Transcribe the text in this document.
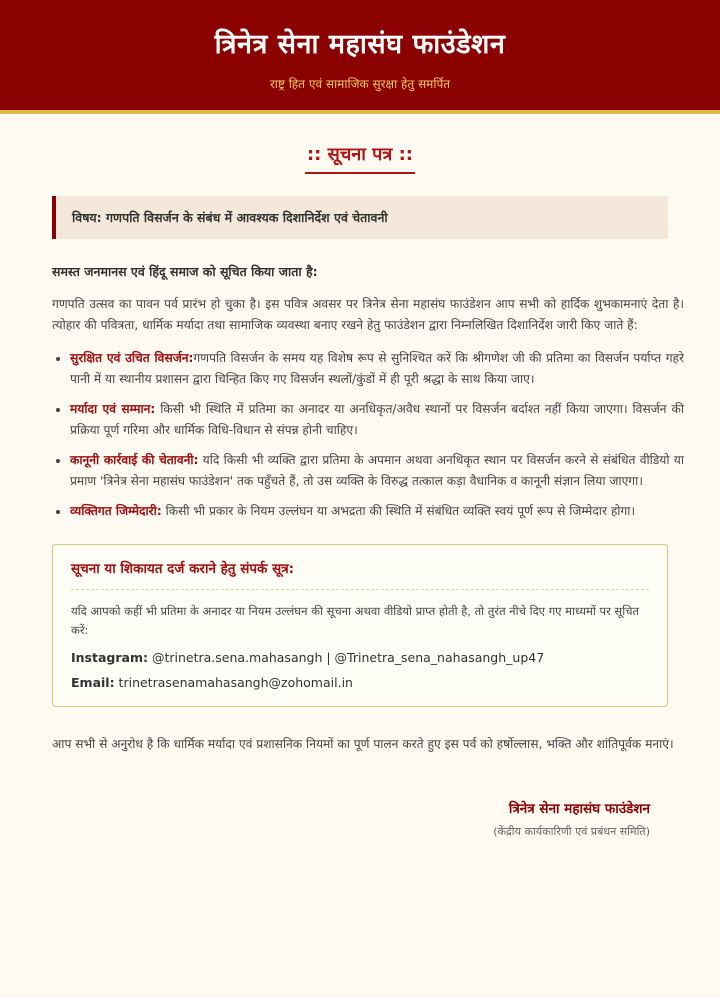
त्रिनेत्र सेना महासंघ फाउंडेशन
राष्ट्र हित एवं सामाजिक सुरक्षा हेतु समर्पित
:: सूचना पत्र ::
विषय: गणपति विसर्जन के संबंध में आवश्यक दिशानिर्देश एवं चेतावनी
समस्त जनमानस एवं हिंदू समाज को सूचित किया जाता है:
गणपति उत्सव का पावन पर्व प्रारंभ हो चुका है। इस पवित्र अवसर पर त्रिनेत्र सेना महासंघ फाउंडेशन आप सभी को हार्दिक शुभकामनाएं देता है। त्योहार की पवित्रता, धार्मिक मर्यादा तथा सामाजिक व्यवस्था बनाए रखने हेतु फाउंडेशन द्वारा निम्नलिखित दिशानिर्देश जारी किए जाते हैं:
• सुरक्षित एवं उचित विसर्जन:गणपति विसर्जन के समय यह विशेष रूप से सुनिश्चित करें कि श्रीगणेश जी की प्रतिमा का विसर्जन पर्याप्त गहरे पानी में या स्थानीय प्रशासन द्वारा चिन्हित किए गए विसर्जन स्थलों/कुंडों में ही पूरी श्रद्धा के साथ किया जाए।
• मर्यादा एवं सम्मान: किसी भी स्थिति में प्रतिमा का अनादर या अनधिकृत/अवैध स्थानों पर विसर्जन बर्दाश्त नहीं किया जाएगा। विसर्जन की प्रक्रिया पूर्ण गरिमा और धार्मिक विधि-विधान से संपन्न होनी चाहिए।
• कानूनी कार्रवाई की चेतावनी: यदि किसी भी व्यक्ति द्वारा प्रतिमा के अपमान अथवा अनधिकृत स्थान पर विसर्जन करने से संबंधित वीडियो या प्रमाण 'त्रिनेत्र सेना महासंघ फाउंडेशन' तक पहुँचते हैं, तो उस व्यक्ति के विरुद्ध तत्काल कड़ा वैधानिक व कानूनी संज्ञान लिया जाएगा।
• व्यक्तिगत जिम्मेदारी: किसी भी प्रकार के नियम उल्लंघन या अभद्रता की स्थिति में संबंधित व्यक्ति स्वयं पूर्ण रूप से जिम्मेदार होगा।
सूचना या शिकायत दर्ज कराने हेतु संपर्क सूत्र:
यदि आपको कहीं भी प्रतिमा के अनादर या नियम उल्लंघन की सूचना अथवा वीडियो प्राप्त होती है, तो तुरंत नीचे दिए गए माध्यमों पर सूचित करें:
Instagram: @trinetra.sena.mahasangh | @Trinetra_sena_nahasangh_up47
Email: trinetrasenamahasangh@zohomail.in
आप सभी से अनुरोध है कि धार्मिक मर्यादा एवं प्रशासनिक नियमों का पूर्ण पालन करते हुए इस पर्व को हर्षोल्लास, भक्ति और शांतिपूर्वक मनाएं।
त्रिनेत्र सेना महासंघ फाउंडेशन
(केंद्रीय कार्यकारिणी एवं प्रबंधन समिति)
